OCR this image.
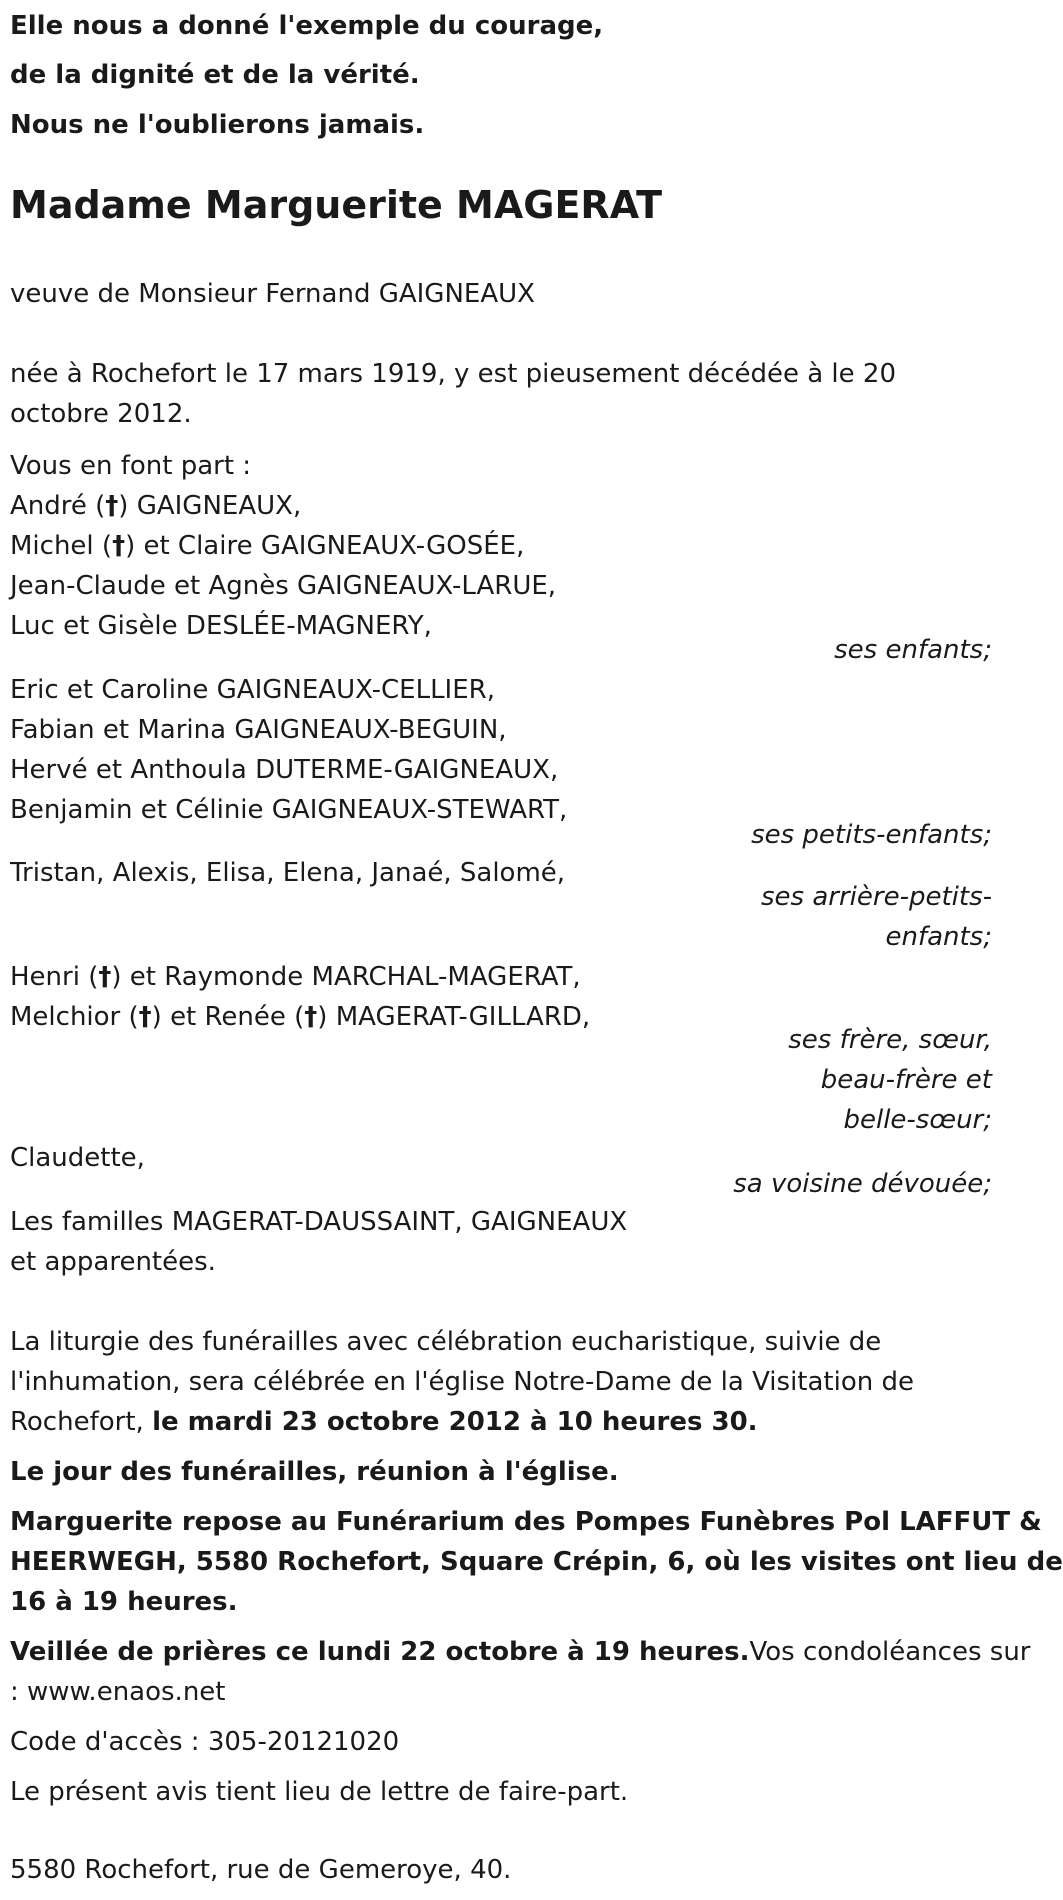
Elle nous a donné l'exemple du courage,
de la dignité et de la vérité.
Nous ne l'oublierons jamais.
Madame Marguerite MAGERAT
veuve de Monsieur Fernand GAIGNEAUX
née à Rochefort le 17 mars 1919, y est pieusement décédée à le 20
octobre 2012.
Vous en font part :
André (†) GAIGNEAUX,
Michel (†) et Claire GAIGNEAUX-GOSÉE,
Jean-Claude et Agnès GAIGNEAUX-LARUE,
Luc et Gisèle DESLÉE-MAGNERY,
ses enfants;
Eric et Caroline GAIGNEAUX-CELLIER,
Fabian et Marina GAIGNEAUX-BEGUIN,
Hervé et Anthoula DUTERME-GAIGNEAUX,
Benjamin et Célinie GAIGNEAUX-STEWART,
ses petits-enfants;
Tristan, Alexis, Elisa, Elena, Janaé, Salomé,
ses arrière-petits-
enfants;
Henri (†) et Raymonde MARCHAL-MAGERAT,
Melchior (†) et Renée (†) MAGERAT-GILLARD,
ses frère, sœur,
beau-frère et
belle-sœur;
Claudette,
sa voisine dévouée;
Les familles MAGERAT-DAUSSAINT, GAIGNEAUX
et apparentées.
La liturgie des funérailles avec célébration eucharistique, suivie de
l'inhumation, sera célébrée en l'église Notre-Dame de la Visitation de
Rochefort, le mardi 23 octobre 2012 à 10 heures 30.
Le jour des funérailles, réunion à l'église.
Marguerite repose au Funérarium des Pompes Funèbres Pol LAFFUT &
HEERWEGH, 5580 Rochefort, Square Crépin, 6, où les visites ont lieu de
16 à 19 heures.
Veillée de prières ce lundi 22 octobre à 19 heures.Vos condoléances sur
: www.enaos.net
Code d'accès : 305-20121020
Le présent avis tient lieu de lettre de faire-part.
5580 Rochefort, rue de Gemeroye, 40.
